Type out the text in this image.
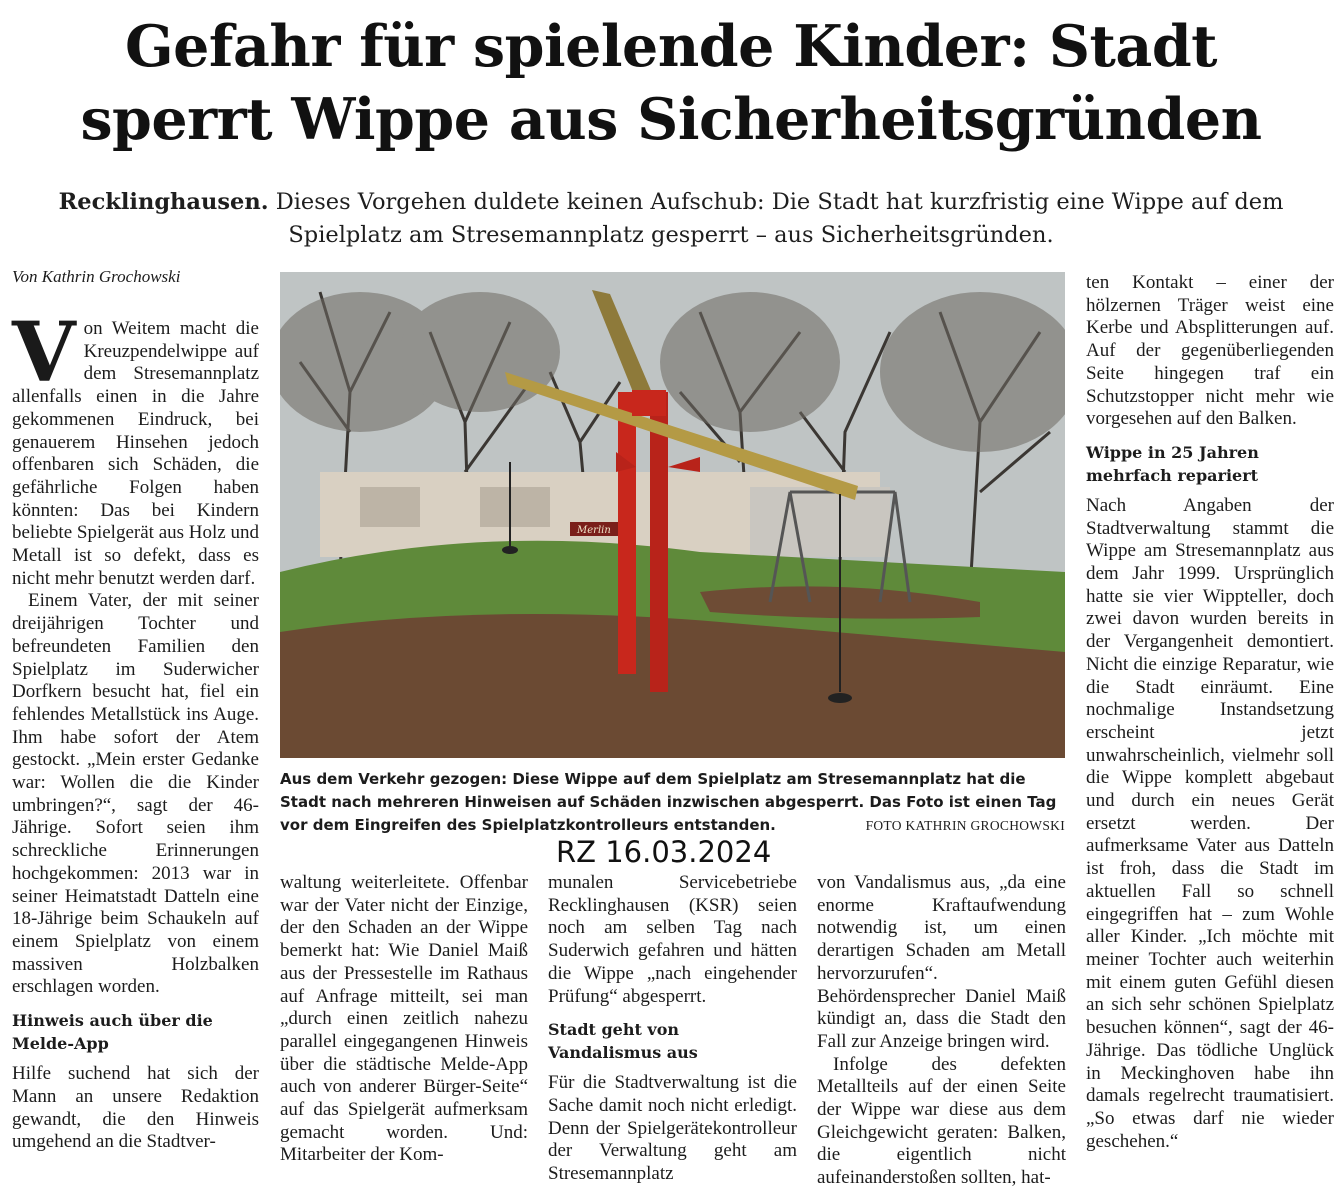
Gefahr für spielende Kinder: Stadt
sperrt Wippe aus Sicherheitsgründen
Recklinghausen. Dieses Vorgehen duldete keinen Aufschub: Die Stadt hat kurzfristig eine Wippe auf dem
Spielplatz am Stresemannplatz gesperrt – aus Sicherheitsgründen.
Von Kathrin Grochowski

Von Weitem macht die Kreuzpendelwippe auf dem Stresemannplatz allenfalls einen in die Jahre gekommenen Eindruck, bei genauerem Hinsehen jedoch offenbaren sich Schäden, die gefährliche Folgen haben könnten: Das bei Kindern beliebte Spielgerät aus Holz und Metall ist so defekt, dass es nicht mehr benutzt werden darf.

Einem Vater, der mit seiner dreijährigen Tochter und befreundeten Familien den Spielplatz im Suderwicher Dorfkern besucht hat, fiel ein fehlendes Metallstück ins Auge. Ihm habe sofort der Atem gestockt. „Mein erster Gedanke war: Wollen die die Kinder umbringen?“, sagt der 46-Jährige. Sofort seien ihm schreckliche Erinnerungen hochgekommen: 2013 war in seiner Heimatstadt Datteln eine 18-Jährige beim Schaukeln auf einem Spielplatz von einem massiven Holzbalken erschlagen worden.

Hinweis auch über die Melde-App

Hilfe suchend hat sich der Mann an unsere Redaktion gewandt, die den Hinweis umgehend an die Stadtver-

Merlin
Aus dem Verkehr gezogen: Diese Wippe auf dem Spielplatz am Stresemannplatz hat die Stadt nach mehreren Hinweisen auf Schäden inzwischen abgesperrt. Das Foto ist einen Tag vor dem Eingreifen des Spielplatzkontrolleurs entstanden.	FOTO KATHRIN GROCHOWSKI
RZ 16.03.2024

waltung weiterleitete. Offenbar war der Vater nicht der Einzige, der den Schaden an der Wippe bemerkt hat: Wie Daniel Maiß aus der Pressestelle im Rathaus auf Anfrage mitteilt, sei man „durch einen zeitlich nahezu parallel eingegangenen Hinweis über die städtische Melde-App auch von anderer Bürger-Seite“ auf das Spielgerät aufmerksam gemacht worden. Und: Mitarbeiter der Kom-

munalen Servicebetriebe Recklinghausen (KSR) seien noch am selben Tag nach Suderwich gefahren und hätten die Wippe „nach eingehender Prüfung“ abgesperrt.

Stadt geht von Vandalismus aus

Für die Stadtverwaltung ist die Sache damit noch nicht erledigt. Denn der Spielgerätekontrolleur der Verwaltung geht am Stresemannplatz

von Vandalismus aus, „da eine enorme Kraftaufwendung notwendig ist, um einen derartigen Schaden am Metall hervorzurufen“. Behördensprecher Daniel Maiß kündigt an, dass die Stadt den Fall zur Anzeige bringen wird.

Infolge des defekten Metallteils auf der einen Seite der Wippe war diese aus dem Gleichgewicht geraten: Balken, die eigentlich nicht aufeinanderstoßen sollten, hat-

ten Kontakt – einer der hölzernen Träger weist eine Kerbe und Absplitterungen auf. Auf der gegenüberliegenden Seite hingegen traf ein Schutzstopper nicht mehr wie vorgesehen auf den Balken.

Wippe in 25 Jahren mehrfach repariert

Nach Angaben der Stadtverwaltung stammt die Wippe am Stresemannplatz aus dem Jahr 1999. Ursprünglich hatte sie vier Wippteller, doch zwei davon wurden bereits in der Vergangenheit demontiert. Nicht die einzige Reparatur, wie die Stadt einräumt. Eine nochmalige Instandsetzung erscheint jetzt unwahrscheinlich, vielmehr soll die Wippe komplett abgebaut und durch ein neues Gerät ersetzt werden. Der aufmerksame Vater aus Datteln ist froh, dass die Stadt im aktuellen Fall so schnell eingegriffen hat – zum Wohle aller Kinder. „Ich möchte mit meiner Tochter auch weiterhin mit einem guten Gefühl diesen an sich sehr schönen Spielplatz besuchen können“, sagt der 46-Jährige. Das tödliche Unglück in Meckinghoven habe ihn damals regelrecht traumatisiert. „So etwas darf nie wieder geschehen.“
